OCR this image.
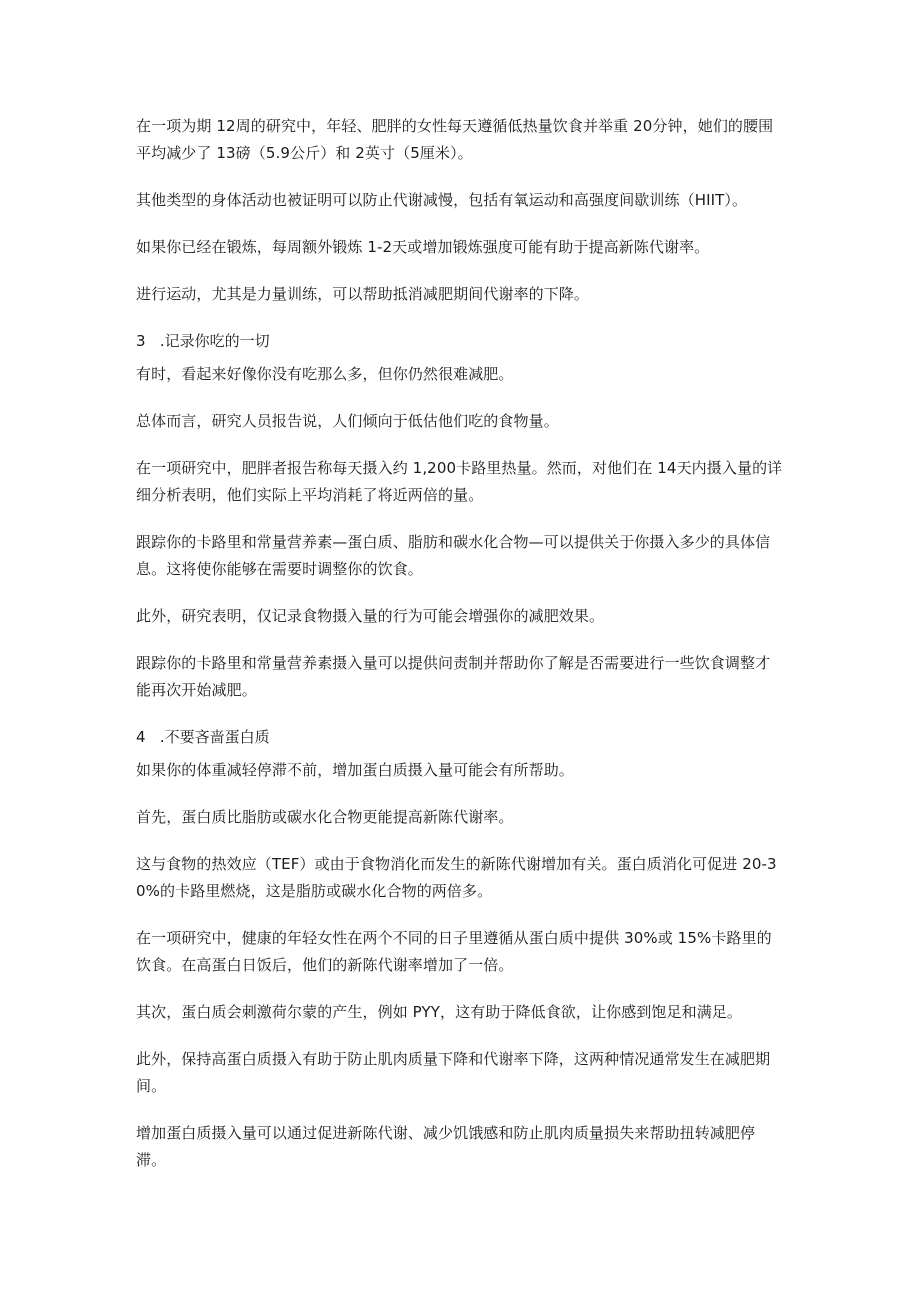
在一项为期 12周的研究中，年轻、肥胖的女性每天遵循低热量饮食并举重 20分钟，她们的腰围平均减少了 13磅（5.9公斤）和 2英寸（5厘米）。

其他类型的身体活动也被证明可以防止代谢减慢，包括有氧运动和高强度间歇训练（HIIT）。

如果你已经在锻炼，每周额外锻炼 1-2天或增加锻炼强度可能有助于提高新陈代谢率。

进行运动，尤其是力量训练，可以帮助抵消减肥期间代谢率的下降。

3   .记录你吃的一切

有时，看起来好像你没有吃那么多，但你仍然很难减肥。

总体而言，研究人员报告说，人们倾向于低估他们吃的食物量。

在一项研究中，肥胖者报告称每天摄入约 1,200卡路里热量。然而，对他们在 14天内摄入量的详细分析表明，他们实际上平均消耗了将近两倍的量。

跟踪你的卡路里和常量营养素—蛋白质、脂肪和碳水化合物—可以提供关于你摄入多少的具体信息。这将使你能够在需要时调整你的饮食。

此外，研究表明，仅记录食物摄入量的行为可能会增强你的减肥效果。

跟踪你的卡路里和常量营养素摄入量可以提供问责制并帮助你了解是否需要进行一些饮食调整才能再次开始减肥。

4   .不要吝啬蛋白质

如果你的体重减轻停滞不前，增加蛋白质摄入量可能会有所帮助。

首先，蛋白质比脂肪或碳水化合物更能提高新陈代谢率。

这与食物的热效应（TEF）或由于食物消化而发生的新陈代谢增加有关。蛋白质消化可促进 20-30%的卡路里燃烧，这是脂肪或碳水化合物的两倍多。

在一项研究中，健康的年轻女性在两个不同的日子里遵循从蛋白质中提供 30%或 15%卡路里的饮食。在高蛋白日饭后，他们的新陈代谢率增加了一倍。

其次，蛋白质会刺激荷尔蒙的产生，例如 PYY，这有助于降低食欲，让你感到饱足和满足。

此外，保持高蛋白质摄入有助于防止肌肉质量下降和代谢率下降，这两种情况通常发生在减肥期间。

增加蛋白质摄入量可以通过促进新陈代谢、减少饥饿感和防止肌肉质量损失来帮助扭转减肥停滞。
